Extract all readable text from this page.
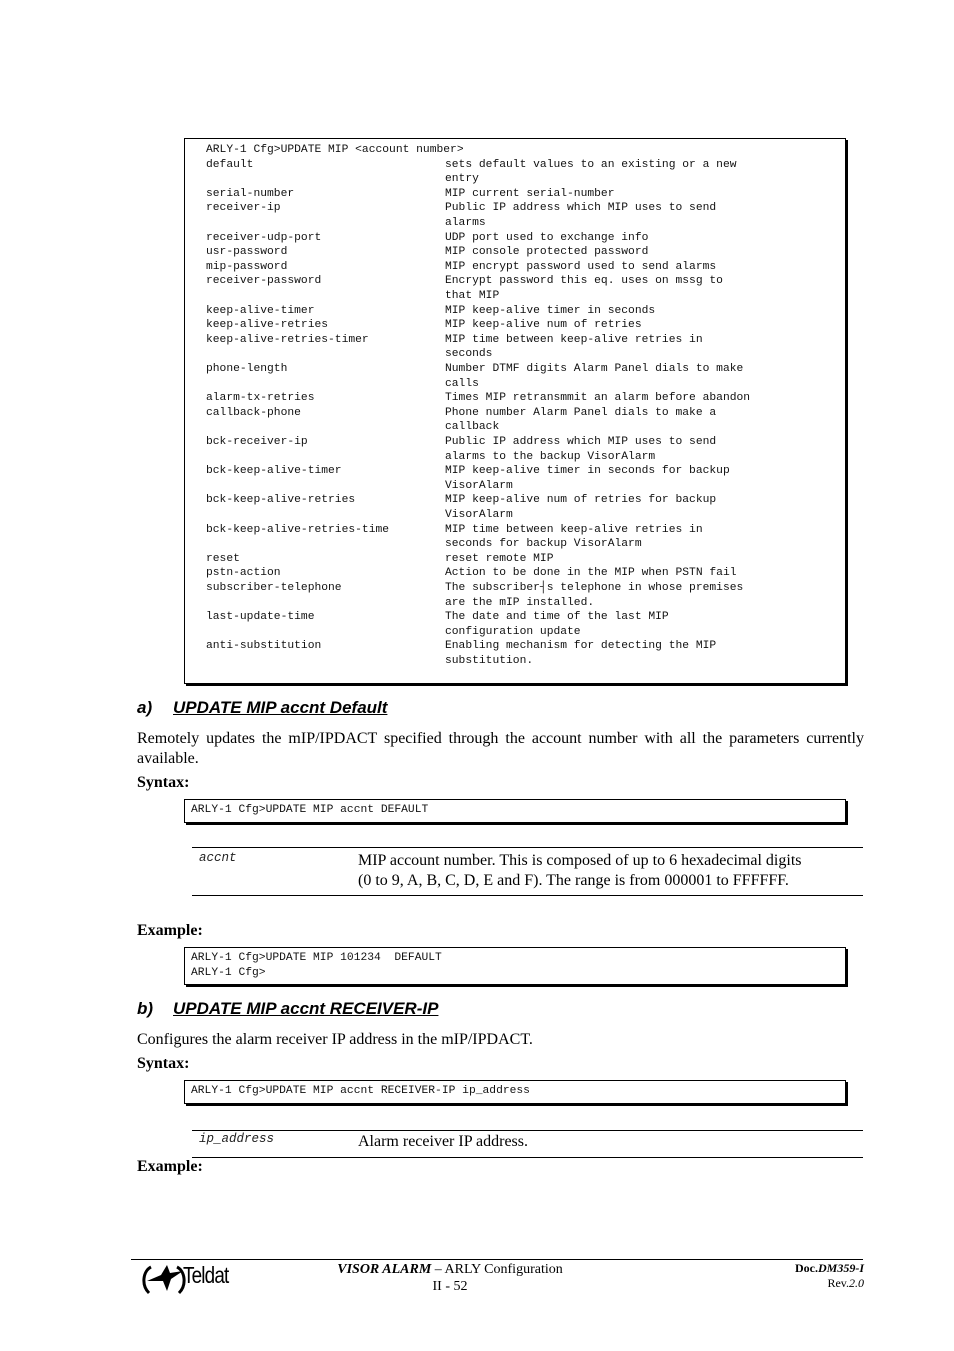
ARLY-1 Cfg>UPDATE MIP <account number>
default	sets default values to an existing or a new
entry
serial-number	MIP current serial-number
receiver-ip	Public IP address which MIP uses to send
alarms
receiver-udp-port	UDP port used to exchange info
usr-password	MIP console protected password
mip-password	MIP encrypt password used to send alarms
receiver-password	Encrypt password this eq. uses on mssg to
that MIP
keep-alive-timer	MIP keep-alive timer in seconds
keep-alive-retries	MIP keep-alive num of retries
keep-alive-retries-timer	MIP time between keep-alive retries in
seconds
phone-length	Number DTMF digits Alarm Panel dials to make
calls
alarm-tx-retries	Times MIP retransmmit an alarm before abandon
callback-phone	Phone number Alarm Panel dials to make a
callback
bck-receiver-ip	Public IP address which MIP uses to send
alarms to the backup VisorAlarm
bck-keep-alive-timer	MIP keep-alive timer in seconds for backup
VisorAlarm
bck-keep-alive-retries	MIP keep-alive num of retries for backup
VisorAlarm
bck-keep-alive-retries-time	MIP time between keep-alive retries in
seconds for backup VisorAlarm
reset	reset remote MIP
pstn-action	Action to be done in the MIP when PSTN fail
subscriber-telephone	The subscriber┤s telephone in whose premises
are the mIP installed.
last-update-time	The date and time of the last MIP
configuration update
anti-substitution	Enabling mechanism for detecting the MIP
substitution.
a) UPDATE MIP accnt Default
Remotely updates the mIP/IPDACT specified through the account number with all the parameters currently available.
Syntax:
ARLY-1 Cfg>UPDATE MIP accnt DEFAULT
accnt	MIP account number. This is composed of up to 6 hexadecimal digits
(0 to 9, A, B, C, D, E and F). The range is from 000001 to FFFFFF.
Example:
ARLY-1 Cfg>UPDATE MIP 101234  DEFAULT
ARLY-1 Cfg>
b) UPDATE MIP accnt RECEIVER-IP
Configures the alarm receiver IP address in the mIP/IPDACT.
Syntax:
ARLY-1 Cfg>UPDATE MIP accnt RECEIVER-IP ip_address
ip_address	Alarm receiver IP address.
Example:
Teldat	VISOR ALARM – ARLY Configuration
II - 52
Doc.DM359-I
Rev.2.0
